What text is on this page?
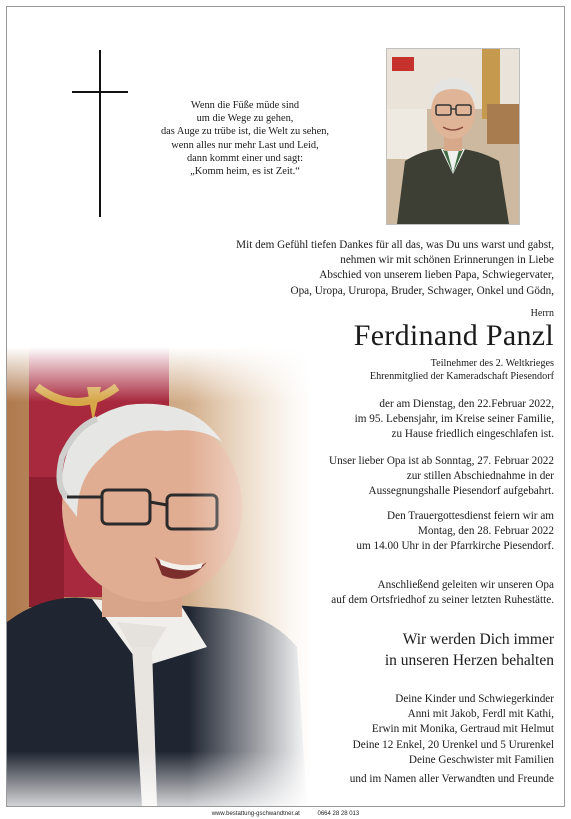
Wenn die Füße müde sind
um die Wege zu gehen,
das Auge zu trübe ist, die Welt zu sehen,
wenn alles nur mehr Last und Leid,
dann kommt einer und sagt:
„Komm heim, es ist Zeit.“
Mit dem Gefühl tiefen Dankes für all das, was Du uns warst und gabst,
nehmen wir mit schönen Erinnerungen in Liebe
Abschied von unserem lieben Papa, Schwiegervater,
Opa, Uropa, Ururopa, Bruder, Schwager, Onkel und Gödn,
Herrn
Ferdinand Panzl
Teilnehmer des 2. Weltkrieges
Ehrenmitglied der Kameradschaft Piesendorf
der am Dienstag, den 22.Februar 2022,
im 95. Lebensjahr, im Kreise seiner Familie,
zu Hause friedlich eingeschlafen ist.
Unser lieber Opa ist ab Sonntag, 27. Februar 2022
zur stillen Abschiednahme in der
Aussegnungshalle Piesendorf aufgebahrt.
Den Trauergottesdienst feiern wir am
Montag, den 28. Februar 2022
um 14.00 Uhr in der Pfarrkirche Piesendorf.
Anschließend geleiten wir unseren Opa
auf dem Ortsfriedhof zu seiner letzten Ruhestätte.
Wir werden Dich immer
in unseren Herzen behalten
Deine Kinder und Schwiegerkinder
Anni mit Jakob, Ferdl mit Kathi,
Erwin mit Monika, Gertraud mit Helmut
Deine 12 Enkel, 20 Urenkel und 5 Ururenkel
Deine Geschwister mit Familien
und im Namen aller Verwandten und Freunde
www.bestattung-gschwandtner.at	0664 28 28 013
